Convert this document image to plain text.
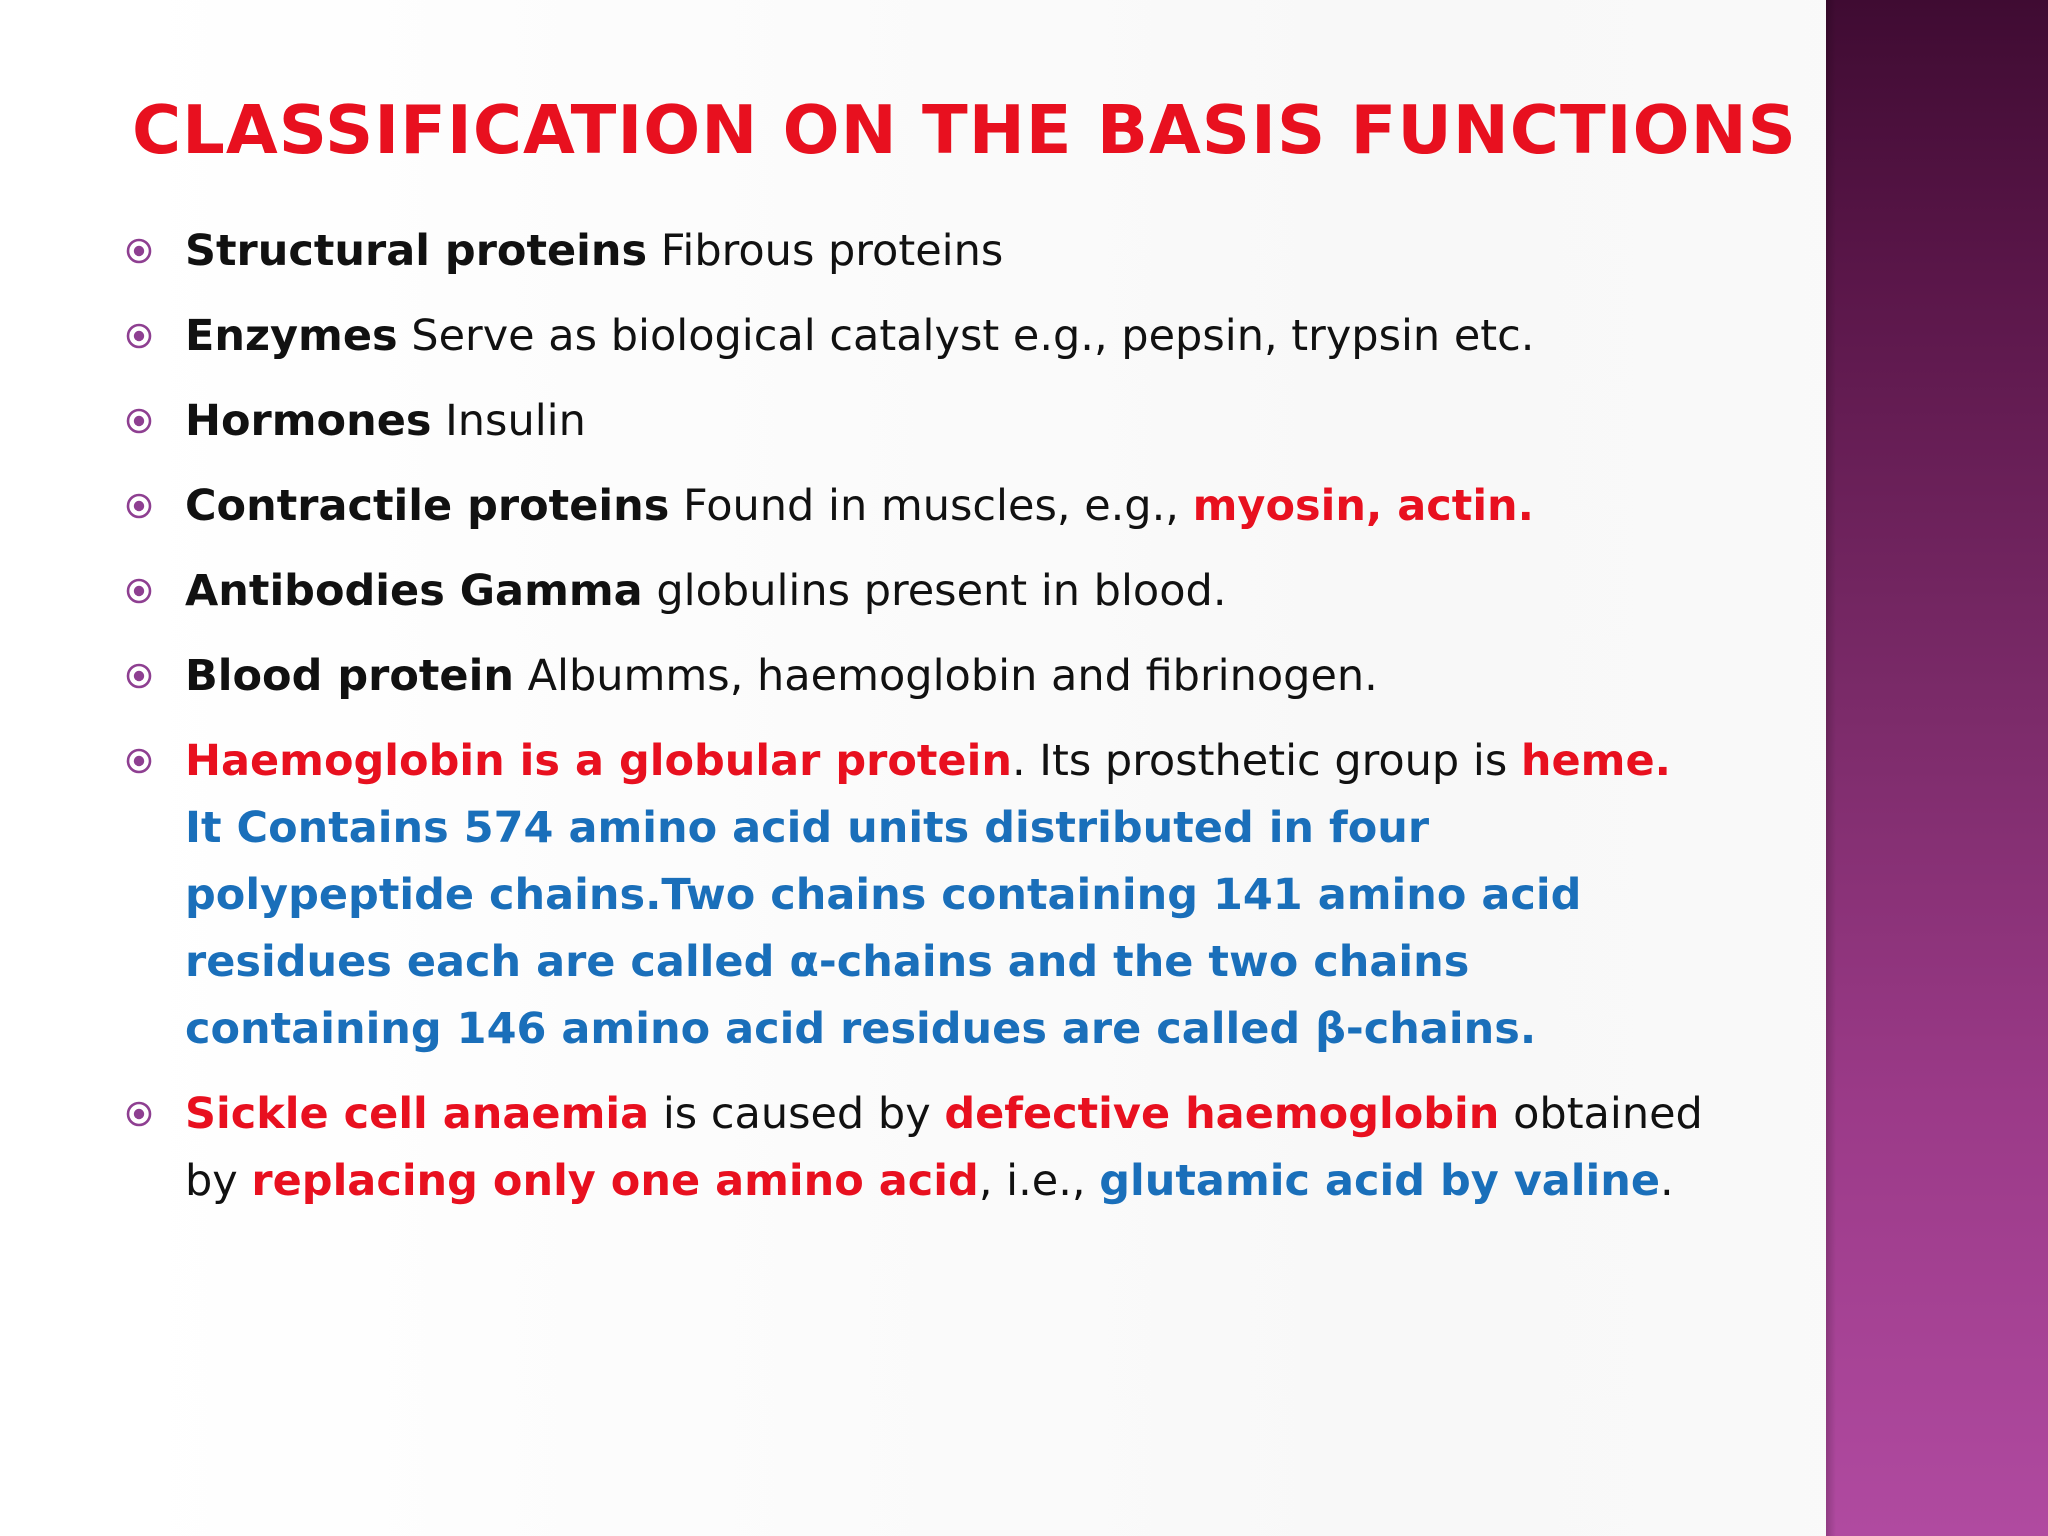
CLASSIFICATION ON THE BASIS FUNCTIONS
Structural proteins Fibrous proteins
Enzymes Serve as biological catalyst e.g., pepsin, trypsin etc.
Hormones Insulin
Contractile proteins Found in muscles, e.g., myosin, actin.
Antibodies Gamma globulins present in blood.
Blood protein Albumms, haemoglobin and fibrinogen.
Haemoglobin is a globular protein. Its prosthetic group is heme.
It Contains 574 amino acid units distributed in four polypeptide chains.Two chains containing 141 amino acid residues each are called α-chains and the two chains containing 146 amino acid residues are called β-chains.
Sickle cell anaemia is caused by defective haemoglobin obtained by replacing only one amino acid, i.e., glutamic acid by valine.
